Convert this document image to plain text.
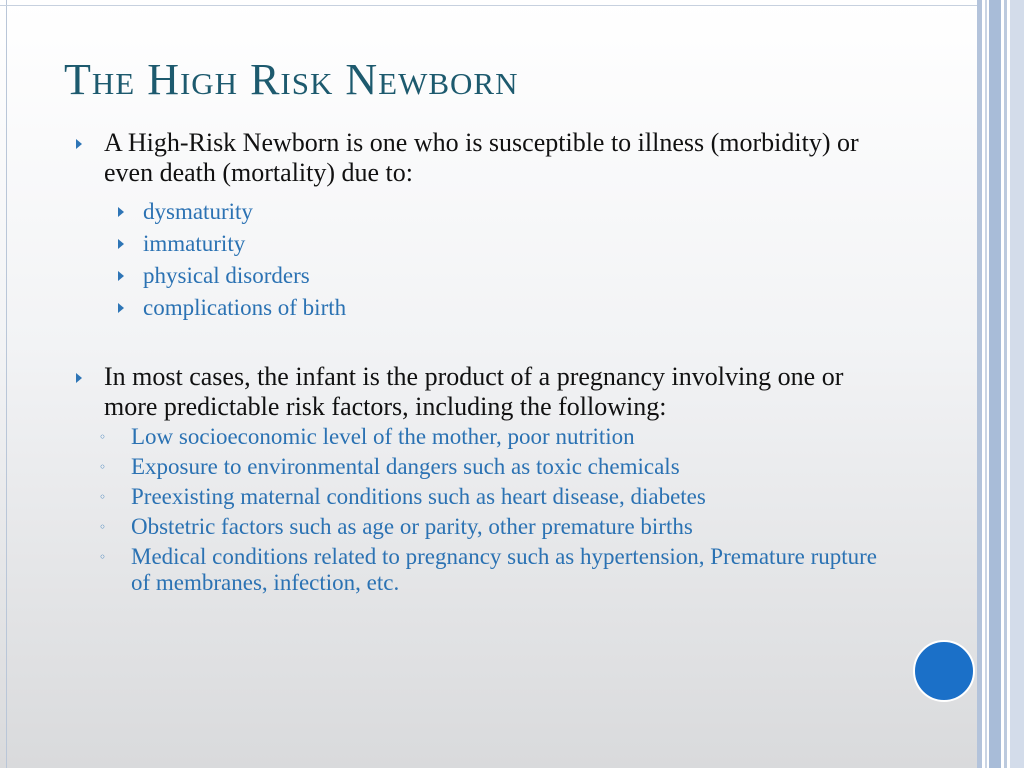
The High Risk Newborn
A High-Risk Newborn is one who is susceptible to illness (morbidity) or even death (mortality) due to:
dysmaturity
immaturity
physical disorders
complications of birth
In most cases, the infant is the product of a pregnancy involving one or more predictable risk factors, including the following:
◦ Low socioeconomic level of the mother, poor nutrition
◦ Exposure to environmental dangers such as toxic chemicals
◦ Preexisting maternal conditions such as heart disease, diabetes
◦ Obstetric factors such as age or parity, other premature births
◦ Medical conditions related to pregnancy such as hypertension, Premature rupture of membranes, infection, etc.
